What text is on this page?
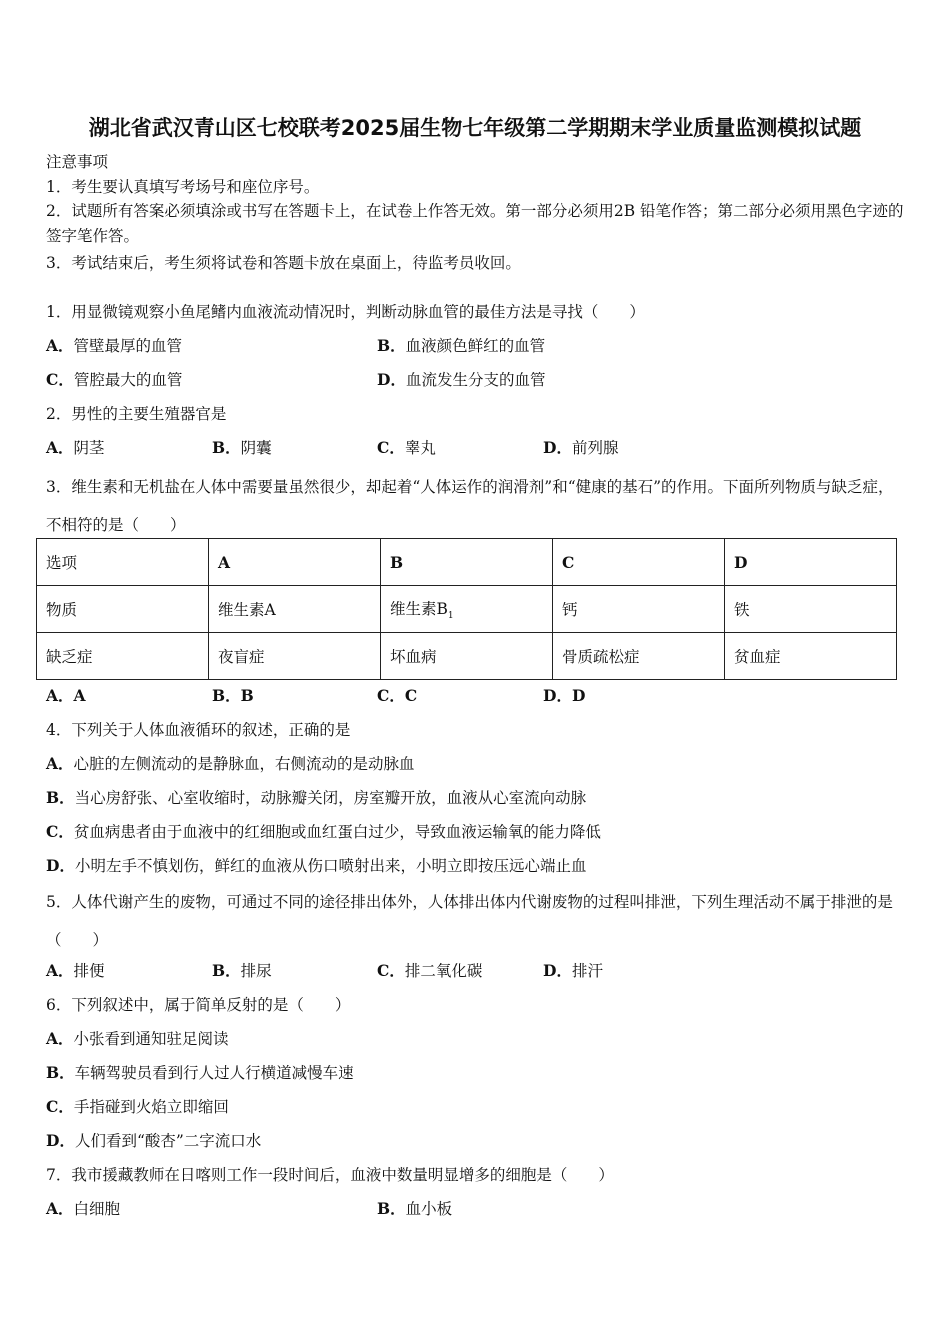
湖北省武汉青山区七校联考2025届生物七年级第二学期期末学业质量监测模拟试题
注意事项
1．考生要认真填写考场号和座位序号。
2．试题所有答案必须填涂或书写在答题卡上，在试卷上作答无效。第一部分必须用2B 铅笔作答；第二部分必须用黑色字迹的签字笔作答。
3．考试结束后，考生须将试卷和答题卡放在桌面上，待监考员收回。
1．用显微镜观察小鱼尾鳍内血液流动情况时，判断动脉血管的最佳方法是寻找（　　）
A．管壁最厚的血管	B．血液颜色鲜红的血管
C．管腔最大的血管	D．血流发生分支的血管
2．男性的主要生殖器官是
A．阴茎	B．阴囊	C．睾丸	D．前列腺
3．维生素和无机盐在人体中需要量虽然很少，却起着“人体运作的润滑剂”和“健康的基石”的作用。下面所列物质与缺乏症，不相符的是（　　）
选项	A	B	C	D
物质	维生素A	维生素$B_1$	钙	铁
缺乏症	夜盲症	坏血病	骨质疏松症	贫血症
A．A	B．B	C．C	D．D
4．下列关于人体血液循环的叙述，正确的是
A．心脏的左侧流动的是静脉血，右侧流动的是动脉血
B．当心房舒张、心室收缩时，动脉瓣关闭，房室瓣开放，血液从心室流向动脉
C．贫血病患者由于血液中的红细胞或血红蛋白过少，导致血液运输氧的能力降低
D．小明左手不慎划伤，鲜红的血液从伤口喷射出来，小明立即按压远心端止血
5．人体代谢产生的废物，可通过不同的途径排出体外，人体排出体内代谢废物的过程叫排泄，下列生理活动不属于排泄的是（　　）
A．排便	B．排尿	C．排二氧化碳	D．排汗
6．下列叙述中，属于简单反射的是（　　）
A．小张看到通知驻足阅读
B．车辆驾驶员看到行人过人行横道减慢车速
C．手指碰到火焰立即缩回
D．人们看到“酸杏”二字流口水
7．我市援藏教师在日喀则工作一段时间后，血液中数量明显增多的细胞是（　　）
A．白细胞	B．血小板
